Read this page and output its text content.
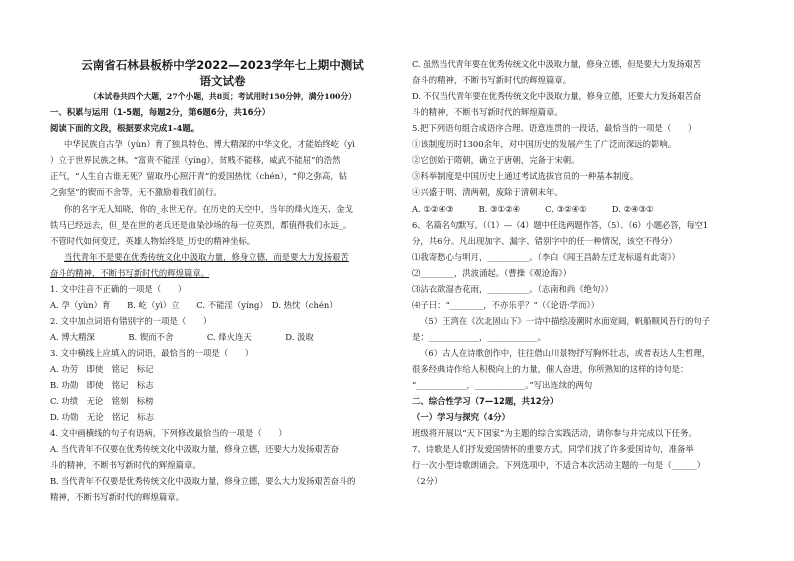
云南省石林县板桥中学2022—2023学年七上期中测试
语文试卷
（本试卷共四个大题，27个小题，共8页；考试用时150分钟，满分100分）
一、积累与运用（1-5题，每题2分，第6题6分，共16分）
阅读下面的文段，根据要求完成1-4题。
中华民族自古孕（yùn）育了独具特色、博大精深的中华文化，才能始终屹（yì
）立于世界民族之林。“富贵不能淫（yíng），贫贱不能移，威武不能屈”的浩然
正气，“人生自古谁无死？留取丹心照汗青”的爱国热忱（chén），“仰之弥高，钻
之弥坚”的锲而不舍等，无不激励着我们前行。
你的名字无人知晓，你的_永世无存。在历史的天空中，当年的烽火连天、金戈
铁马已经远去，但_是在世的老兵还是血染沙场的每一位英烈，都值得我们永远_。
不管时代如何变迁，英雄人物始终是_历史的精神坐标。
当代青年不是要在优秀传统文化中汲取力量，修身立德，而是要大力发扬艰苦
奋斗的精神，不断书写新时代的辉煌篇章。
1. 文中注音不正确的一项是（　　）
A. 孕（yùn）育　　B. 屹（yì）立　　C. 不能淫（yíng）　D. 热忱（chén）
2. 文中加点词语有错别字的一项是（　　）
A. 博大精深　　　　B. 锲而不舍　　　　C. 烽火连天　　　　D. 汲取
3. 文中横线上应填入的词语，最恰当的一项是（　　）
A. 功劳　即使　铭记　标记
B. 功勋　即使　铭记　标志
C. 功绩　无论　铭刻　标榜
D. 功勋　无论　铭记　标志
4. 文中画横线的句子有语病，下列修改最恰当的一项是（　　）
A. 当代青年不仅要在优秀传统文化中汲取力量，修身立德，还要大力发扬艰苦奋
斗的精神，不断书写新时代的辉煌篇章。
B. 当代青年不仅要是优秀传统文化中汲取力量，修身立德，要么大力发扬艰苦奋斗的
精神，不断书写新时代的辉煌篇章。
C. 虽然当代青年要在优秀传统文化中汲取力量，修身立德，但是要大力发扬艰苦
奋斗的精神，不断书写新时代的辉煌篇章。
D. 不仅当代青年要在优秀传统文化中汲取力量，修身立德，还要大力发扬艰苦奋
斗的精神，不断书写新时代的辉煌篇章。
5.把下列语句组合成语序合理、语意连贯的一段话，最恰当的一项是（　　）
①该制度历时1300余年，对中国历史的发展产生了广泛而深远的影响。
②它创始于隋朝，确立于唐朝，完备于宋朝。
③科举制度是中国历史上通过考试选拔官员的一种基本制度。
④兴盛于明、清两朝，废除于清朝末年。
A. ①②④③　　　B. ③①②④　　　C. ③②④①　　　D. ②④③①
6、名篇名句默写。（（1）—（4）题中任选两题作答，（5）、（6）小题必答，每空1
分，共6分。凡出现加字、漏字、错别字中的任一种情况，该空不得分）
⑴我寄愁心与明月，__________。（李白《闻王昌龄左迁龙标遥有此寄》）
⑵________，洪波涌起。（曹操《观沧海》）
⑶沾衣欲湿杏花雨，__________。（志南和尚《绝句》）
⑷子曰：“________，不亦乐乎？”（《论语·学而》）
（5）王湾在《次北固山下》一诗中描绘凌潮时水面宽阔，帆船顺风吾行的句子
是：____________，____________。
（6）古人在诗歌创作中，往往借山川景物抒写胸怀壮志，或者表达人生哲理，
很多经典诗作给人积极向上的力量，催人奋进，你所熟知的这样的诗句是：
“____________，____________。”写出连续的两句
二、综合性学习（7—12题，共12分）
（一）学习与探究（4分）
班级将开展以“天下国家”为主题的综合实践活动，请你参与并完成以下任务。
7、诗歌是人们抒发爱国情怀的重要方式，同学们找了许多爱国诗句，准备举
行一次小型诗歌朗诵会。下列选项中，不适合本次活动主题的一句是（______）
（2分）
